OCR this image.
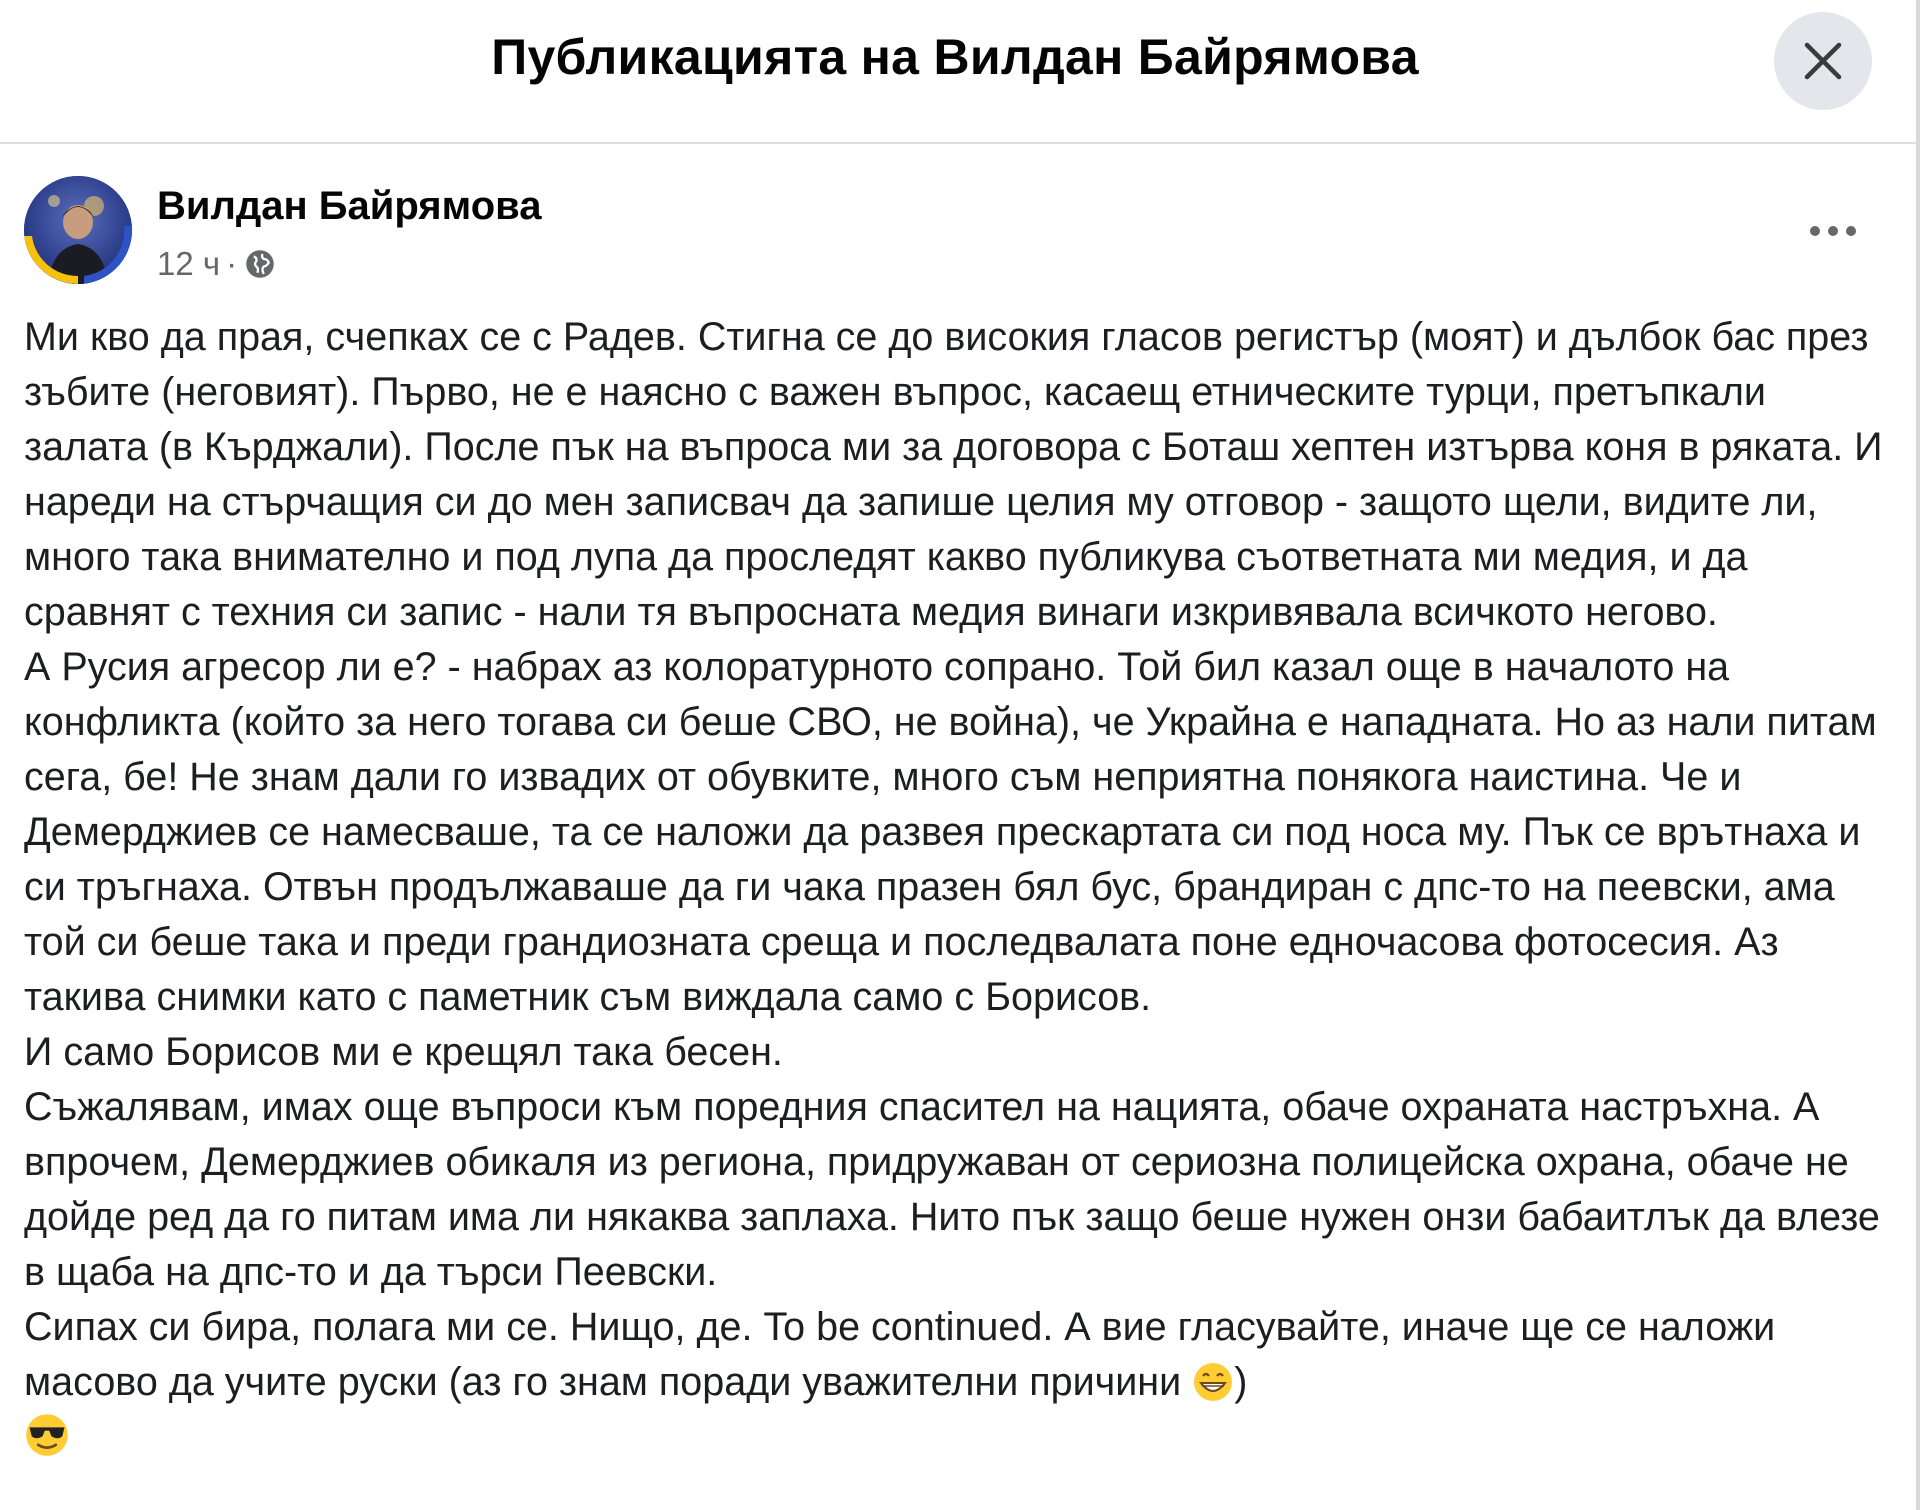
Публикацията на Вилдан Байрямова
Вилдан Байрямова
12 ч ·
Ми кво да прая, счепках се с Радев. Стигна се до високия гласов регистър (моят) и дълбок бас през зъбите (неговият). Първо, не е наясно с важен въпрос, касаещ етническите турци, претъпкали залата (в Кърджали). После пък на въпроса ми за договора с Боташ хептен изтърва коня в ряката. И нареди на стърчащия си до мен записвач да запише целия му отговор - защото щели, видите ли, много така внимателно и под лупа да проследят какво публикува съответната ми медия, и да сравнят с техния си запис - нали тя въпросната медия винаги изкривявала всичкото негово.
А Русия агресор ли е? - набрах аз колоратурното сопрано. Той бил казал още в началото на конфликта (който за него тогава си беше СВО, не война), че Украйна е нападната. Но аз нали питам сега, бе! Не знам дали го извадих от обувките, много съм неприятна понякога наистина. Че и Демерджиев се намесваше, та се наложи да развея прескартата си под носа му. Пък се врътнаха и си тръгнаха. Отвън продължаваше да ги чака празен бял бус, брандиран с дпс-то на пеевски, ама той си беше така и преди грандиозната среща и последвалата поне едночасова фотосесия. Аз такива снимки като с паметник съм виждала само с Борисов.
И само Борисов ми е крещял така бесен.
Съжалявам, имах още въпроси към поредния спасител на нацията, обаче охраната настръхна. А впрочем, Демерджиев обикаля из региона, придружаван от сериозна полицейска охрана, обаче не дойде ред да го питам има ли някаква заплаха. Нито пък защо беше нужен онзи бабаитлък да влезе в щаба на дпс-то и да търси Пеевски.
Сипах си бира, полага ми се. Нищо, де. To be continued. А вие гласувайте, иначе ще се наложи масово да учите руски (аз го знам поради уважителни причини )
